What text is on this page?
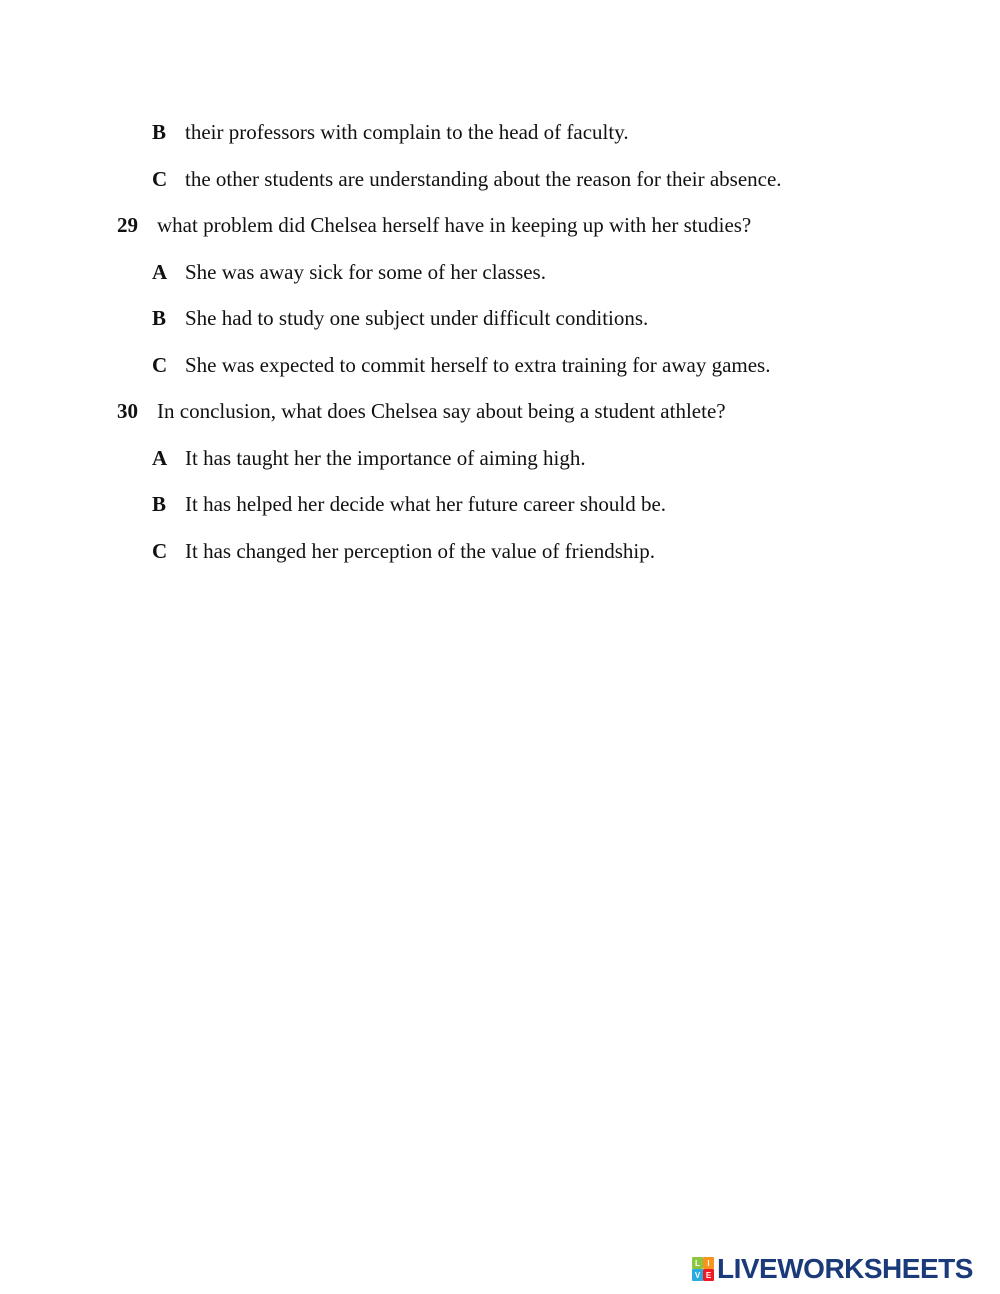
B their professors with complain to the head of faculty.
C the other students are understanding about the reason for their absence.
29 what problem did Chelsea herself have in keeping up with her studies?
A She was away sick for some of her classes.
B She had to study one subject under difficult conditions.
C She was expected to commit herself to extra training for away games.
30 In conclusion, what does Chelsea say about being a student athlete?
A It has taught her the importance of aiming high.
B It has helped her decide what her future career should be.
C It has changed her perception of the value of friendship.
L I
V E LIVEWORKSHEETS
